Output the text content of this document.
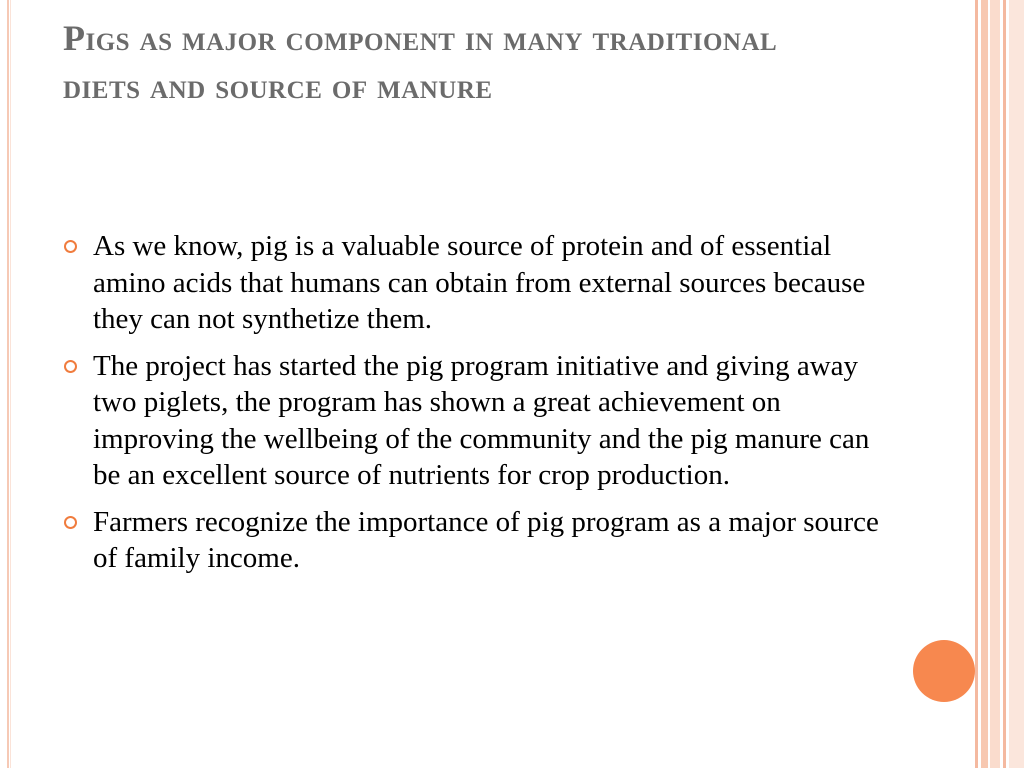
Pigs as major component in many traditional diets and source of manure
As we know, pig is a valuable source of protein and of essential amino acids that humans can obtain from external sources because they can not synthetize them.
The project has started the pig program initiative and giving away two piglets, the program has shown a great achievement on improving the wellbeing of the community and the pig manure can be an excellent source of nutrients for crop production.
Farmers recognize the importance of pig program as a major source of family income.
